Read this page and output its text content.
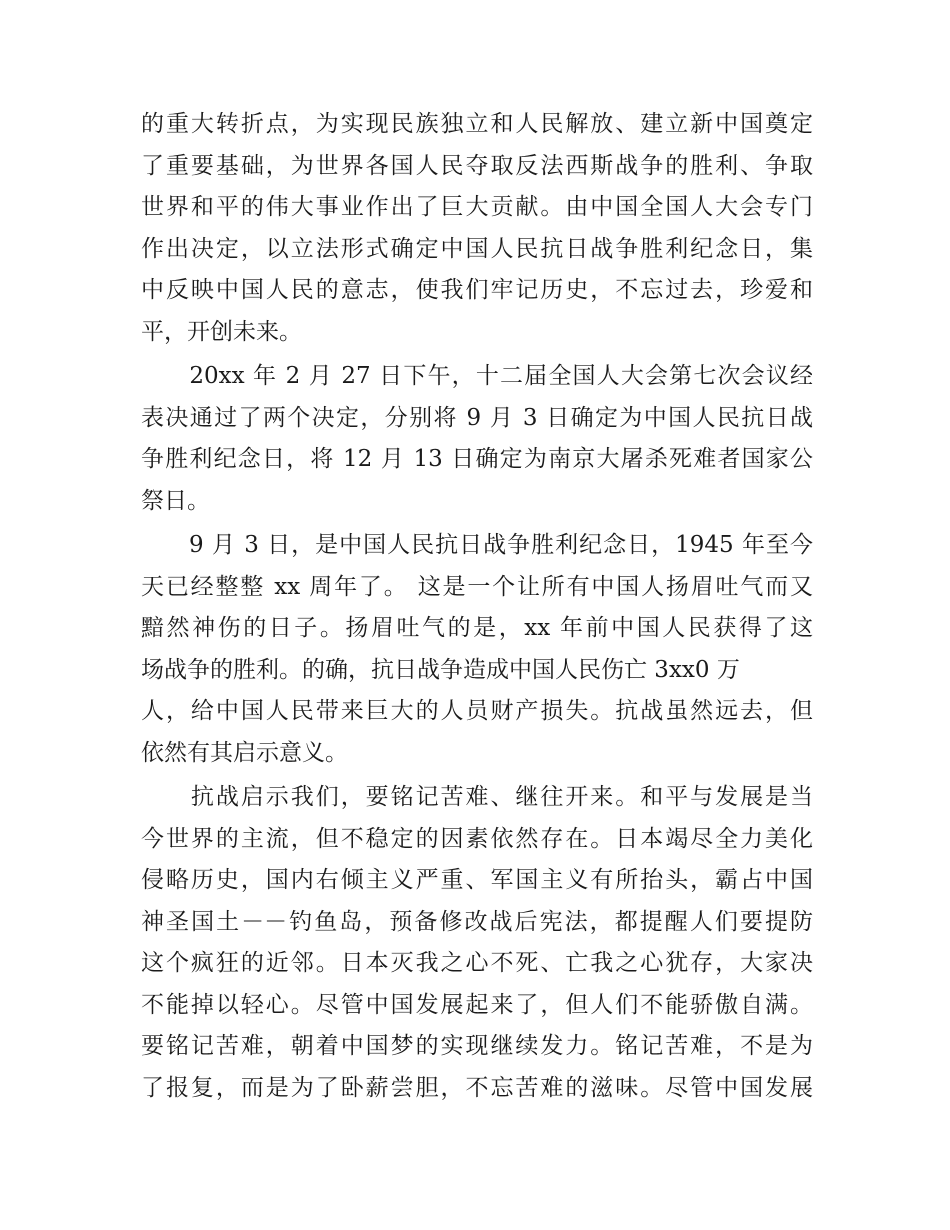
的重大转折点，为实现民族独立和人民解放、建立新中国奠定
了重要基础，为世界各国人民夺取反法西斯战争的胜利、争取
世界和平的伟大事业作出了巨大贡献。由中国全国人大会专门
作出决定，以立法形式确定中国人民抗日战争胜利纪念日，集
中反映中国人民的意志，使我们牢记历史，不忘过去，珍爱和
平，开创未来。
　　20xx 年 2 月 27 日下午，十二届全国人大会第七次会议经
表决通过了两个决定，分别将 9 月 3 日确定为中国人民抗日战
争胜利纪念日，将 12 月 13 日确定为南京大屠杀死难者国家公
祭日。
　　9 月 3 日，是中国人民抗日战争胜利纪念日，1945 年至今
天已经整整 xx 周年了。 这是一个让所有中国人扬眉吐气而又
黯然神伤的日子。扬眉吐气的是，xx 年前中国人民获得了这
场战争的胜利。的确，抗日战争造成中国人民伤亡 3xx0 万
人，给中国人民带来巨大的人员财产损失。抗战虽然远去，但
依然有其启示意义。
　　抗战启示我们，要铭记苦难、继往开来。和平与发展是当
今世界的主流，但不稳定的因素依然存在。日本竭尽全力美化
侵略历史，国内右倾主义严重、军国主义有所抬头，霸占中国
神圣国土－－钓鱼岛，预备修改战后宪法，都提醒人们要提防
这个疯狂的近邻。日本灭我之心不死、亡我之心犹存，大家决
不能掉以轻心。尽管中国发展起来了，但人们不能骄傲自满。
要铭记苦难，朝着中国梦的实现继续发力。铭记苦难，不是为
了报复，而是为了卧薪尝胆，不忘苦难的滋味。尽管中国发展
